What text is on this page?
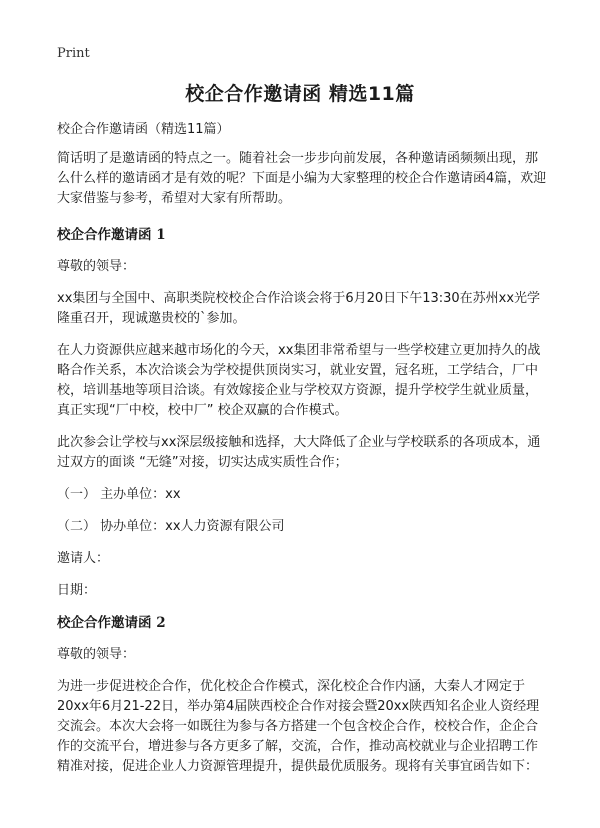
Print
校企合作邀请函 精选11篇

校企合作邀请函（精选11篇）

简话明了是邀请函的特点之一。随着社会一步步向前发展，各种邀请函频频出现，那么什么样的邀请函才是有效的呢？下面是小编为大家整理的校企合作邀请函4篇，欢迎大家借鉴与参考，希望对大家有所帮助。

校企合作邀请函 1

尊敬的领导：

xx集团与全国中、高职类院校校企合作洽谈会将于6月20日下午13:30在苏州xx光学隆重召开，现诚邀贵校的`参加。

在人力资源供应越来越市场化的今天，xx集团非常希望与一些学校建立更加持久的战略合作关系，本次洽谈会为学校提供顶岗实习，就业安置，冠名班，工学结合，厂中校，培训基地等项目洽谈。有效嫁接企业与学校双方资源，提升学校学生就业质量，真正实现“厂中校，校中厂” 校企双赢的合作模式。

此次参会让学校与xx深层级接触和选择，大大降低了企业与学校联系的各项成本，通过双方的面谈 “无缝”对接，切实达成实质性合作；

（一） 主办单位：xx

（二） 协办单位：xx人力资源有限公司

邀请人：

日期：

校企合作邀请函 2

尊敬的领导：

为进一步促进校企合作，优化校企合作模式，深化校企合作内涵，大秦人才网定于20xx年6月21-22日，举办第4届陕西校企合作对接会暨20xx陕西知名企业人资经理交流会。本次大会将一如既往为参与各方搭建一个包含校企合作，校校合作，企企合作的交流平台，增进参与各方更多了解，交流，合作，推动高校就业与企业招聘工作精准对接，促进企业人力资源管理提升，提供最优质服务。现将有关事宜函告如下：
